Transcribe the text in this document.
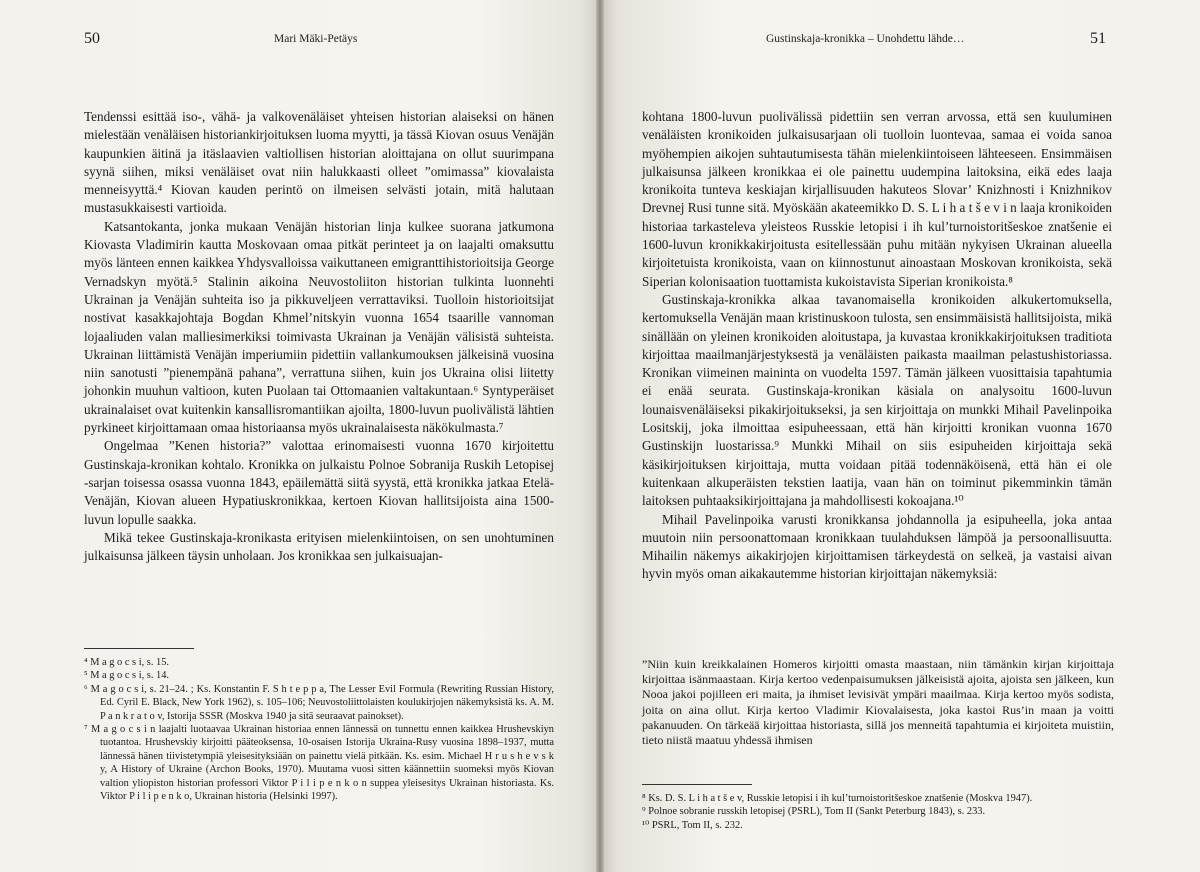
50	Mari Mäki-Petäys

Tendenssi esittää iso-, vähä- ja valkovenäläiset yhteisen historian alaiseksi on hänen mielestään venäläisen historiankirjoituksen luoma myytti, ja tässä Kiovan osuus Venäjän kaupunkien äitinä ja itäslaavien valtiollisen historian aloittajana on ollut suurimpana syynä siihen, miksi venäläiset ovat niin halukkaasti olleet ”omimassa” kiovalaista menneisyyttä.⁴ Kiovan kauden perintö on ilmeisen selvästi jotain, mitä halutaan mustasukkaisesti vartioida.

Katsantokanta, jonka mukaan Venäjän historian linja kulkee suorana jatkumona Kiovasta Vladimirin kautta Moskovaan omaa pitkät perinteet ja on laajalti omaksuttu myös länteen ennen kaikkea Yhdysvalloissa vaikuttaneen emigranttihistorioitsija George Vernadskyn myötä.⁵ Stalinin aikoina Neuvostoliiton historian tulkinta luonnehti Ukrainan ja Venäjän suhteita iso ja pikkuveljeen verrattaviksi. Tuolloin historioitsijat nostivat kasakkajohtaja Bogdan Khmel’nitskyin vuonna 1654 tsaarille vannoman lojaaliuden valan malliesimerkiksi toimivasta Ukrainan ja Venäjän välisistä suhteista. Ukrainan liittämistä Venäjän imperiumiin pidettiin vallankumouksen jälkeisinä vuosina niin sanotusti ”pienempänä pahana”, verrattuna siihen, kuin jos Ukraina olisi liitetty johonkin muuhun valtioon, kuten Puolaan tai Ottomaanien valtakuntaan.⁶ Syntyperäiset ukrainalaiset ovat kuitenkin kansallisromantiikan ajoilta, 1800-luvun puolivälistä lähtien pyrkineet kirjoittamaan omaa historiaansa myös ukrainalaisesta näkökulmasta.⁷

Ongelmaa ”Kenen historia?” valottaa erinomaisesti vuonna 1670 kirjoitettu Gustinskaja-kronikan kohtalo. Kronikka on julkaistu Polnoe Sobranija Ruskih Letopisej -sarjan toisessa osassa vuonna 1843, epäilemättä siitä syystä, että kronikka jatkaa Etelä-Venäjän, Kiovan alueen Hypatiuskronikkaa, kertoen Kiovan hallitsijoista aina 1500-luvun lopulle saakka.

Mikä tekee Gustinskaja-kronikasta erityisen mielenkiintoisen, on sen unohtuminen julkaisunsa jälkeen täysin unholaan. Jos kronikkaa sen julkaisuajan-

⁴ M a g o c s i, s. 15.

⁵ M a g o c s i, s. 14.

⁶ M a g o c s i, s. 21–24. ; Ks. Konstantin F. S h t e p p a, The Lesser Evil Formula (Rewriting Russian History, Ed. Cyril E. Black, New York 1962), s. 105–106; Neuvostoliittolaisten koulukirjojen näkemyksistä ks. A. M. P a n k r a t o v, Istorija SSSR (Moskva 1940 ja sitä seuraavat painokset).

⁷ M a g o c s i n laajalti luotaavaa Ukrainan historiaa ennen lännessä on tunnettu ennen kaikkea Hrushevskiyn tuotantoa. Hrushevskiy kirjoitti pääteoksensa, 10-osaisen Istorija Ukraina-Rusy vuosina 1898–1937, mutta lännessä hänen tiivistetympiä yleisesityksiään on painettu vielä pitkään. Ks. esim. Michael H r u s h e v s k y, A History of Ukraine (Archon Books, 1970). Muutama vuosi sitten käännettiin suomeksi myös Kiovan valtion yliopiston historian professori Viktor P i l i p e n k o n suppea yleisesitys Ukrainan historiasta. Ks. Viktor P i l i p e n k o, Ukrainan historia (Helsinki 1997).

Gustinskaja-kronikka – Unohdettu lähde…	51

kohtana 1800-luvun puolivälissä pidettiin sen verran arvossa, että sen kuulumінen venäläisten kronikoiden julkaisusarjaan oli tuolloin luontevaa, samaa ei voida sanoa myöhempien aikojen suhtautumisesta tähän mielenkiintoiseen lähteeseen. Ensimmäisen julkaisunsa jälkeen kronikkaa ei ole painettu uudempina laitoksina, eikä edes laaja kronikoita tunteva keskiajan kirjallisuuden hakuteos Slovar’ Knizhnosti i Knizhnikov Drevnej Rusi tunne sitä. Myöskään akateemikko D. S. L i h a t š e v i n laaja kronikoiden historiaa tarkasteleva yleisteos Russkie letopisi i ih kul’turnoistoritšeskoe znatšenie ei 1600-luvun kronikkakirjoitusta esitellessään puhu mitään nykyisen Ukrainan alueella kirjoitetuista kronikoista, vaan on kiinnostunut ainoastaan Moskovan kronikoista, sekä Siperian kolonisaation tuottamista kukoistavista Siperian kronikoista.⁸

Gustinskaja-kronikka alkaa tavanomaisella kronikoiden alkukertomuksella, kertomuksella Venäjän maan kristinuskoon tulosta, sen ensimmäisistä hallitsijoista, mikä sinällään on yleinen kronikoiden aloitustapa, ja kuvastaa kronikkakirjoituksen traditiota kirjoittaa maailmanjärjestyksestä ja venäläisten paikasta maailman pelastushistoriassa. Kronikan viimeinen maininta on vuodelta 1597. Tämän jälkeen vuosittaisia tapahtumia ei enää seurata. Gustinskaja-kronikan käsiala on analysoitu 1600-luvun lounaisvenäläiseksi pikakirjoitukseksi, ja sen kirjoittaja on munkki Mihail Pavelinpoika Lositskij, joka ilmoittaa esipuheessaan, että hän kirjoitti kronikan vuonna 1670 Gustinskijn luostarissa.⁹ Munkki Mihail on siis esipuheiden kirjoittaja sekä käsikirjoituksen kirjoittaja, mutta voidaan pitää todennäköisenä, että hän ei ole kuitenkaan alkuperäisten tekstien laatija, vaan hän on toiminut pikemminkin tämän laitoksen puhtaaksikirjoittajana ja mahdollisesti kokoajana.¹⁰

Mihail Pavelinpoika varusti kronikkansa johdannolla ja esipuheella, joka antaa muutoin niin persoonattomaan kronikkaan tuulahduksen lämpöä ja persoonallisuutta. Mihailin näkemys aikakirjojen kirjoittamisen tärkeydestä on selkeä, ja vastaisi aivan hyvin myös oman aikakautemme historian kirjoittajan näkemyksiä:

”Niin kuin kreikkalainen Homeros kirjoitti omasta maastaan, niin tämänkin kirjan kirjoittaja kirjoittaa isänmaastaan. Kirja kertoo vedenpaisumuksen jälkeisistä ajoita, ajoista sen jälkeen, kun Nooa jakoi pojilleen eri maita, ja ihmiset levisivät ympäri maailmaa. Kirja kertoo myös sodista, joita on aina ollut. Kirja kertoo Vladimir Kiovalaisesta, joka kastoi Rus’in maan ja voitti pakanuuden. On tärkeää kirjoittaa historiasta, sillä jos menneitä tapahtumia ei kirjoiteta muistiin, tieto niistä maatuu yhdessä ihmisen

⁸ Ks. D. S. L i h a t š e v, Russkie letopisi i ih kul’turnoistoritšeskoe znatšenie (Moskva 1947).

⁹ Polnoe sobranie russkih letopisej (PSRL), Tom II (Sankt Peterburg 1843), s. 233.

¹⁰ PSRL, Tom II, s. 232.
